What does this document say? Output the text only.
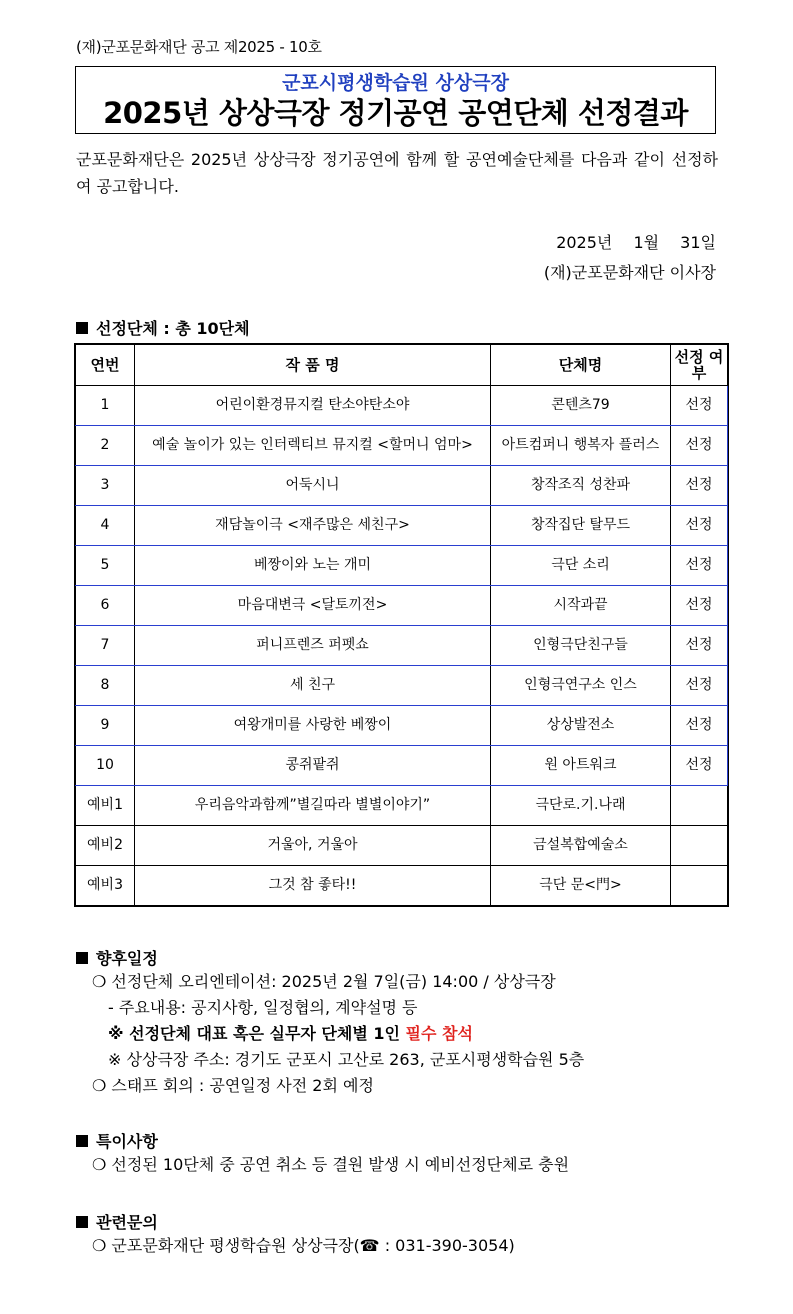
(재)군포문화재단 공고 제2025 - 10호
군포시평생학습원 상상극장
2025년 상상극장 정기공연 공연단체 선정결과
군포문화재단은 2025년 상상극장 정기공연에 함께 할 공연예술단체를 다음과 같이 선정하여 공고합니다.
2025년 1월 31일
(재)군포문화재단 이사장
선정단체 : 총 10단체
연번	작 품 명	단체명	선정 여부
1	어린이환경뮤지컬 탄소야탄소야	콘텐츠79	선정
2	예술 놀이가 있는 인터렉티브 뮤지컬 <할머니 엄마>	아트컴퍼니 행복자 플러스	선정
3	어둑시니	창작조직 성찬파	선정
4	재담놀이극 <재주많은 세친구>	창작집단 탈무드	선정
5	베짱이와 노는 개미	극단 소리	선정
6	마음대변극 <달토끼전>	시작과끝	선정
7	퍼니프렌즈 퍼펫쇼	인형극단친구들	선정
8	세 친구	인형극연구소 인스	선정
9	여왕개미를 사랑한 베짱이	상상발전소	선정
10	콩쥐팥쥐	원 아트워크	선정
예비1	우리음악과함께”별길따라 별별이야기”	극단로.기.나래	
예비2	거울아, 거울아	금설복합예술소	
예비3	그것 참 좋타!!	극단 문<門>	
향후일정
❍ 선정단체 오리엔테이션: 2025년 2월 7일(금) 14:00 / 상상극장
- 주요내용: 공지사항, 일정협의, 계약설명 등
※ 선정단체 대표 혹은 실무자 단체별 1인 필수 참석
※ 상상극장 주소: 경기도 군포시 고산로 263, 군포시평생학습원 5층
❍ 스태프 회의 : 공연일정 사전 2회 예정
특이사항
❍ 선정된 10단체 중 공연 취소 등 결원 발생 시 예비선정단체로 충원
관련문의
❍ 군포문화재단 평생학습원 상상극장(☎ : 031-390-3054)
